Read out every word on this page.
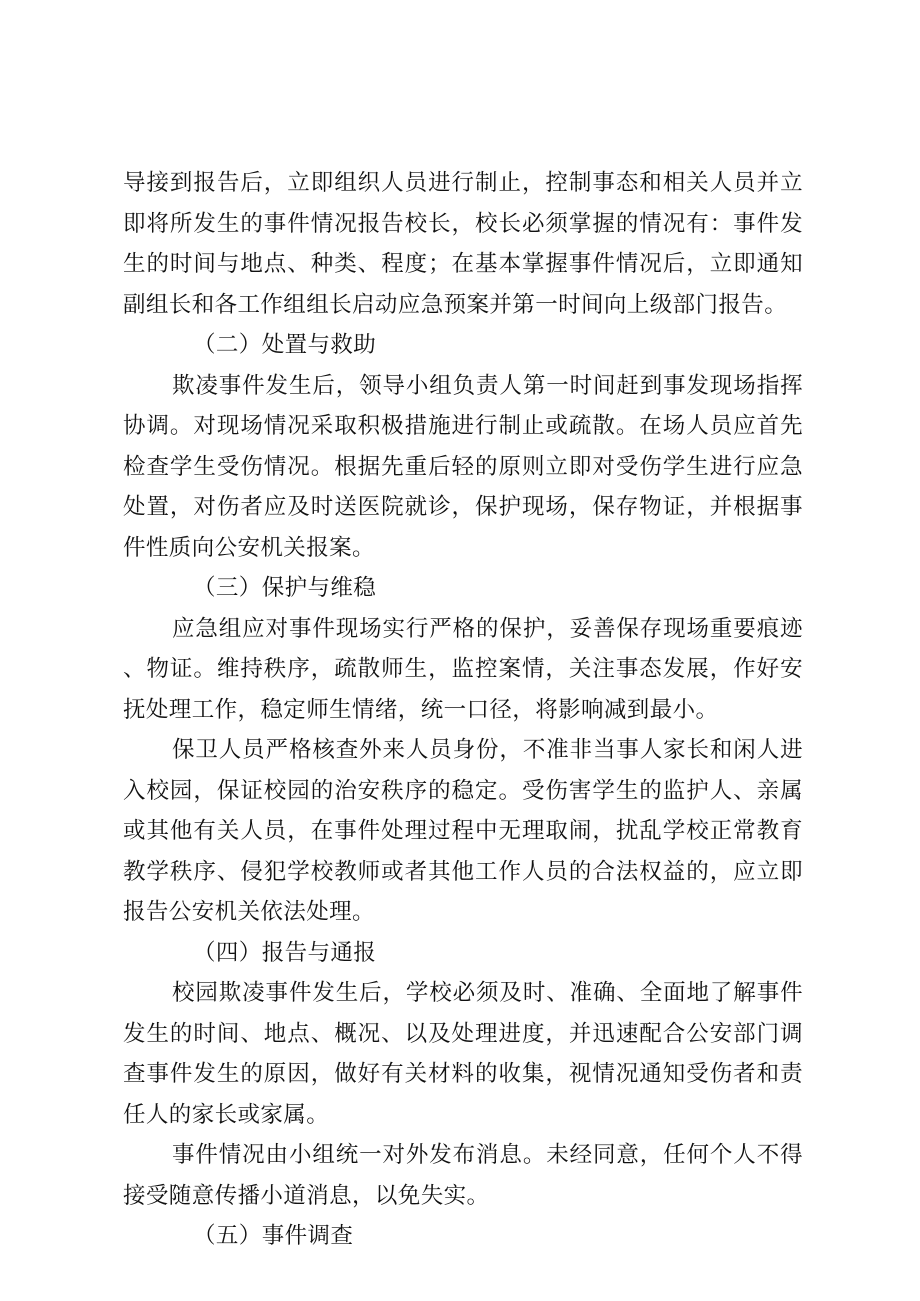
导接到报告后，立即组织人员进行制止，控制事态和相关人员并立即将所发生的事件情况报告校长，校长必须掌握的情况有：事件发生的时间与地点、种类、程度；在基本掌握事件情况后，立即通知副组长和各工作组组长启动应急预案并第一时间向上级部门报告。

（二）处置与救助

欺凌事件发生后，领导小组负责人第一时间赶到事发现场指挥协调。对现场情况采取积极措施进行制止或疏散。在场人员应首先检查学生受伤情况。根据先重后轻的原则立即对受伤学生进行应急处置，对伤者应及时送医院就诊，保护现场，保存物证，并根据事件性质向公安机关报案。

（三）保护与维稳

应急组应对事件现场实行严格的保护，妥善保存现场重要痕迹、物证。维持秩序，疏散师生，监控案情，关注事态发展，作好安抚处理工作，稳定师生情绪，统一口径，将影响减到最小。

保卫人员严格核查外来人员身份，不准非当事人家长和闲人进入校园，保证校园的治安秩序的稳定。受伤害学生的监护人、亲属或其他有关人员，在事件处理过程中无理取闹，扰乱学校正常教育教学秩序、侵犯学校教师或者其他工作人员的合法权益的，应立即报告公安机关依法处理。

（四）报告与通报

校园欺凌事件发生后，学校必须及时、准确、全面地了解事件发生的时间、地点、概况、以及处理进度，并迅速配合公安部门调查事件发生的原因，做好有关材料的收集，视情况通知受伤者和责任人的家长或家属。

事件情况由小组统一对外发布消息。未经同意，任何个人不得接受随意传播小道消息，以免失实。

（五）事件调查
